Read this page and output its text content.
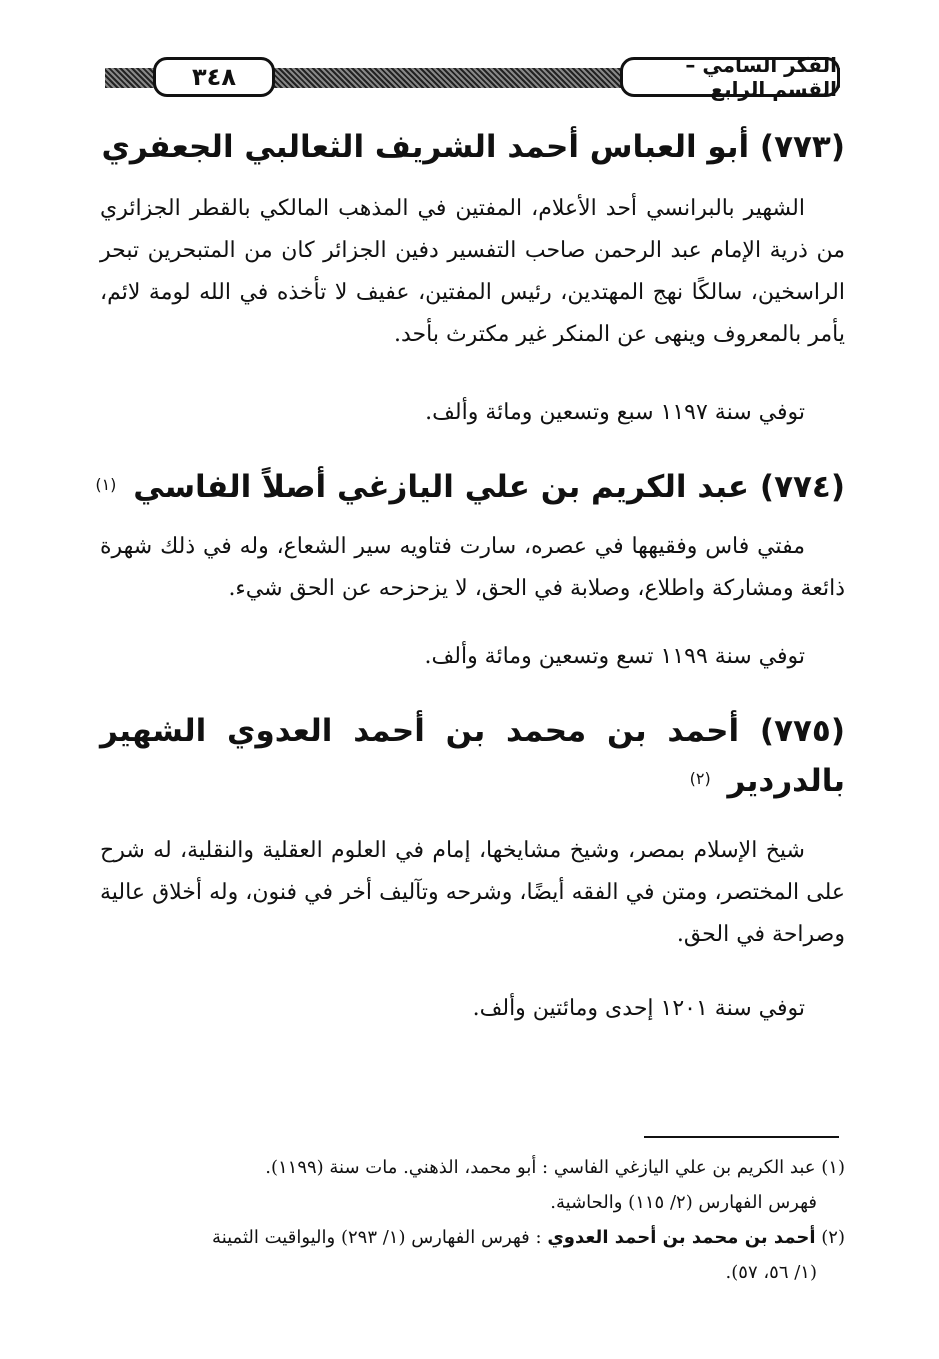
الفكر السامي – القسم الرابع
٣٤٨
(٧٧٣) أبو العباس أحمد الشريف الثعالبي الجعفري

الشهير بالبرانسي أحد الأعلام، المفتين في المذهب المالكي بالقطر الجزائري من ذرية الإمام عبد الرحمن صاحب التفسير دفين الجزائر كان من المتبحرين تبحر الراسخين، سالكًا نهج المهتدين، رئيس المفتين، عفيف لا تأخذه في الله لومة لائم، يأمر بالمعروف وينهى عن المنكر غير مكترث بأحد.

توفي سنة ١١٩٧ سبع وتسعين ومائة وألف.

(٧٧٤) عبد الكريم بن علي اليازغي أصلاً الفاسي $^{(١)}$

مفتي فاس وفقيهها في عصره، سارت فتاويه سير الشعاع، وله في ذلك شهرة ذائعة ومشاركة واطلاع، وصلابة في الحق، لا يزحزحه عن الحق شيء.

توفي سنة ١١٩٩ تسع وتسعين ومائة وألف.

(٧٧٥) أحمد بن محمد بن أحمد العدوي الشهير بالدردير $^{(٢)}$

شيخ الإسلام بمصر، وشيخ مشايخها، إمام في العلوم العقلية والنقلية، له شرح على المختصر، ومتن في الفقه أيضًا، وشرحه وتآليف أخر في فنون، وله أخلاق عالية وصراحة في الحق.

توفي سنة ١٢٠١ إحدى ومائتين وألف.

(١) عبد الكريم بن علي اليازغي الفاسي : أبو محمد، الذهني. مات سنة (١١٩٩).

فهرس الفهارس (٢/ ١١٥) والحاشية.

(٢) أحمد بن محمد بن أحمد العدوي : فهرس الفهارس (١/ ٢٩٣) واليواقيت الثمينة

(١/ ٥٦، ٥٧).
